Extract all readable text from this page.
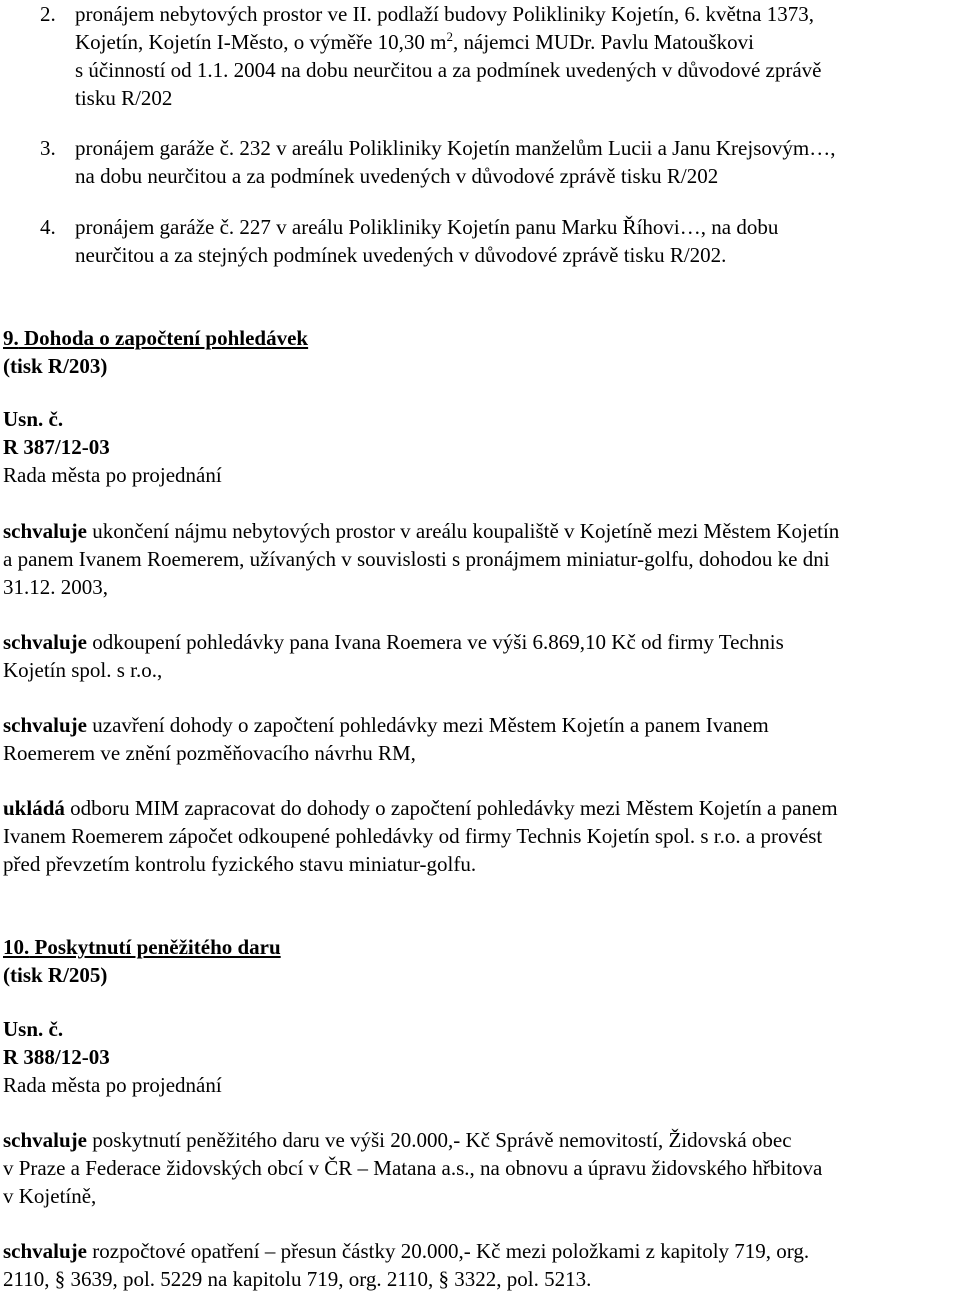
2. pronájem nebytových prostor ve II. podlaží budovy Polikliniky Kojetín, 6. května 1373,
Kojetín, Kojetín I-Město, o výměře 10,30 $m^2$, nájemci MUDr. Pavlu Matouškovi
s účinností od 1.1. 2004 na dobu neurčitou a za podmínek uvedených v důvodové zprávě
tisku R/202
3. pronájem garáže č. 232 v areálu Polikliniky Kojetín manželům Lucii a Janu Krejsovým…,
na dobu neurčitou a za podmínek uvedených v důvodové zprávě tisku R/202
4. pronájem garáže č. 227 v areálu Polikliniky Kojetín panu Marku Říhovi…, na dobu
neurčitou a za stejných podmínek uvedených v důvodové zprávě tisku R/202.
9. Dohoda o započtení pohledávek
(tisk R/203)
Usn. č.
R 387/12-03
Rada města po projednání
schvaluje ukončení nájmu nebytových prostor v areálu koupaliště v Kojetíně mezi Městem Kojetín
a panem Ivanem Roemerem, užívaných v souvislosti s pronájmem miniatur-golfu, dohodou ke dni
31.12. 2003,
schvaluje odkoupení pohledávky pana Ivana Roemera ve výši 6.869,10 Kč od firmy Technis
Kojetín spol. s r.o.,
schvaluje uzavření dohody o započtení pohledávky mezi Městem Kojetín a panem Ivanem
Roemerem ve znění pozměňovacího návrhu RM,
ukládá odboru MIM zapracovat do dohody o započtení pohledávky mezi Městem Kojetín a panem
Ivanem Roemerem zápočet odkoupené pohledávky od firmy Technis Kojetín spol. s r.o. a provést
před převzetím kontrolu fyzického stavu miniatur-golfu.
10. Poskytnutí peněžitého daru
(tisk R/205)
Usn. č.
R 388/12-03
Rada města po projednání
schvaluje poskytnutí peněžitého daru ve výši 20.000,- Kč Správě nemovitostí, Židovská obec
v Praze a Federace židovských obcí v ČR – Matana a.s., na obnovu a úpravu židovského hřbitova
v Kojetíně,
schvaluje rozpočtové opatření – přesun částky 20.000,- Kč mezi položkami z kapitoly 719, org.
2110, § 3639, pol. 5229 na kapitolu 719, org. 2110, § 3322, pol. 5213.
